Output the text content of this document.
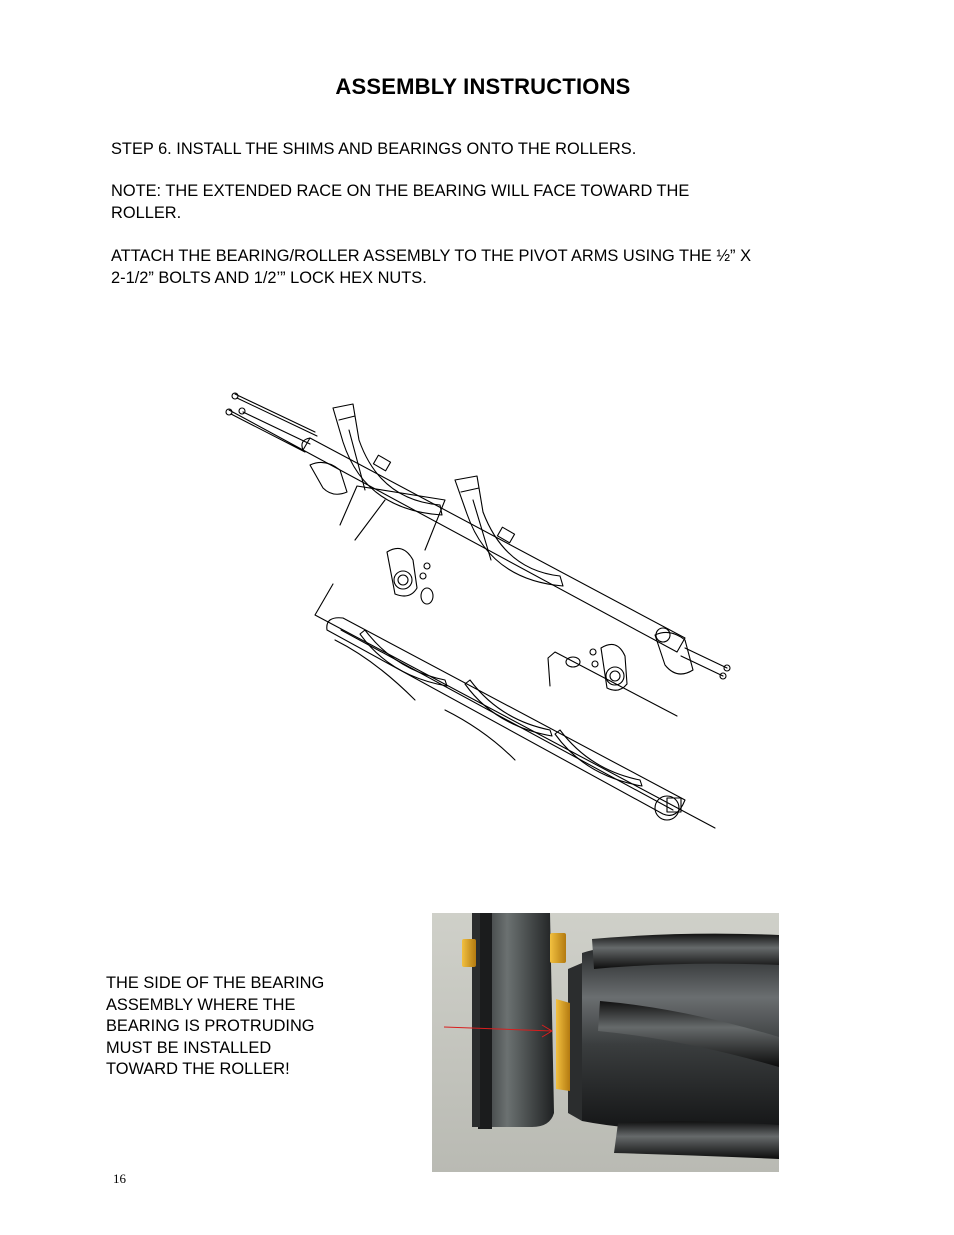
ASSEMBLY INSTRUCTIONS
STEP 6. INSTALL THE SHIMS AND BEARINGS ONTO THE ROLLERS.
NOTE: THE EXTENDED RACE ON THE BEARING WILL FACE TOWARD THE
ROLLER.
ATTACH THE BEARING/ROLLER ASSEMBLY TO THE PIVOT ARMS USING THE ½” X
2-1/2” BOLTS AND 1/2’” LOCK HEX NUTS.
THE SIDE OF THE BEARING
ASSEMBLY WHERE THE
BEARING IS PROTRUDING
MUST BE INSTALLED
TOWARD THE ROLLER!
16
